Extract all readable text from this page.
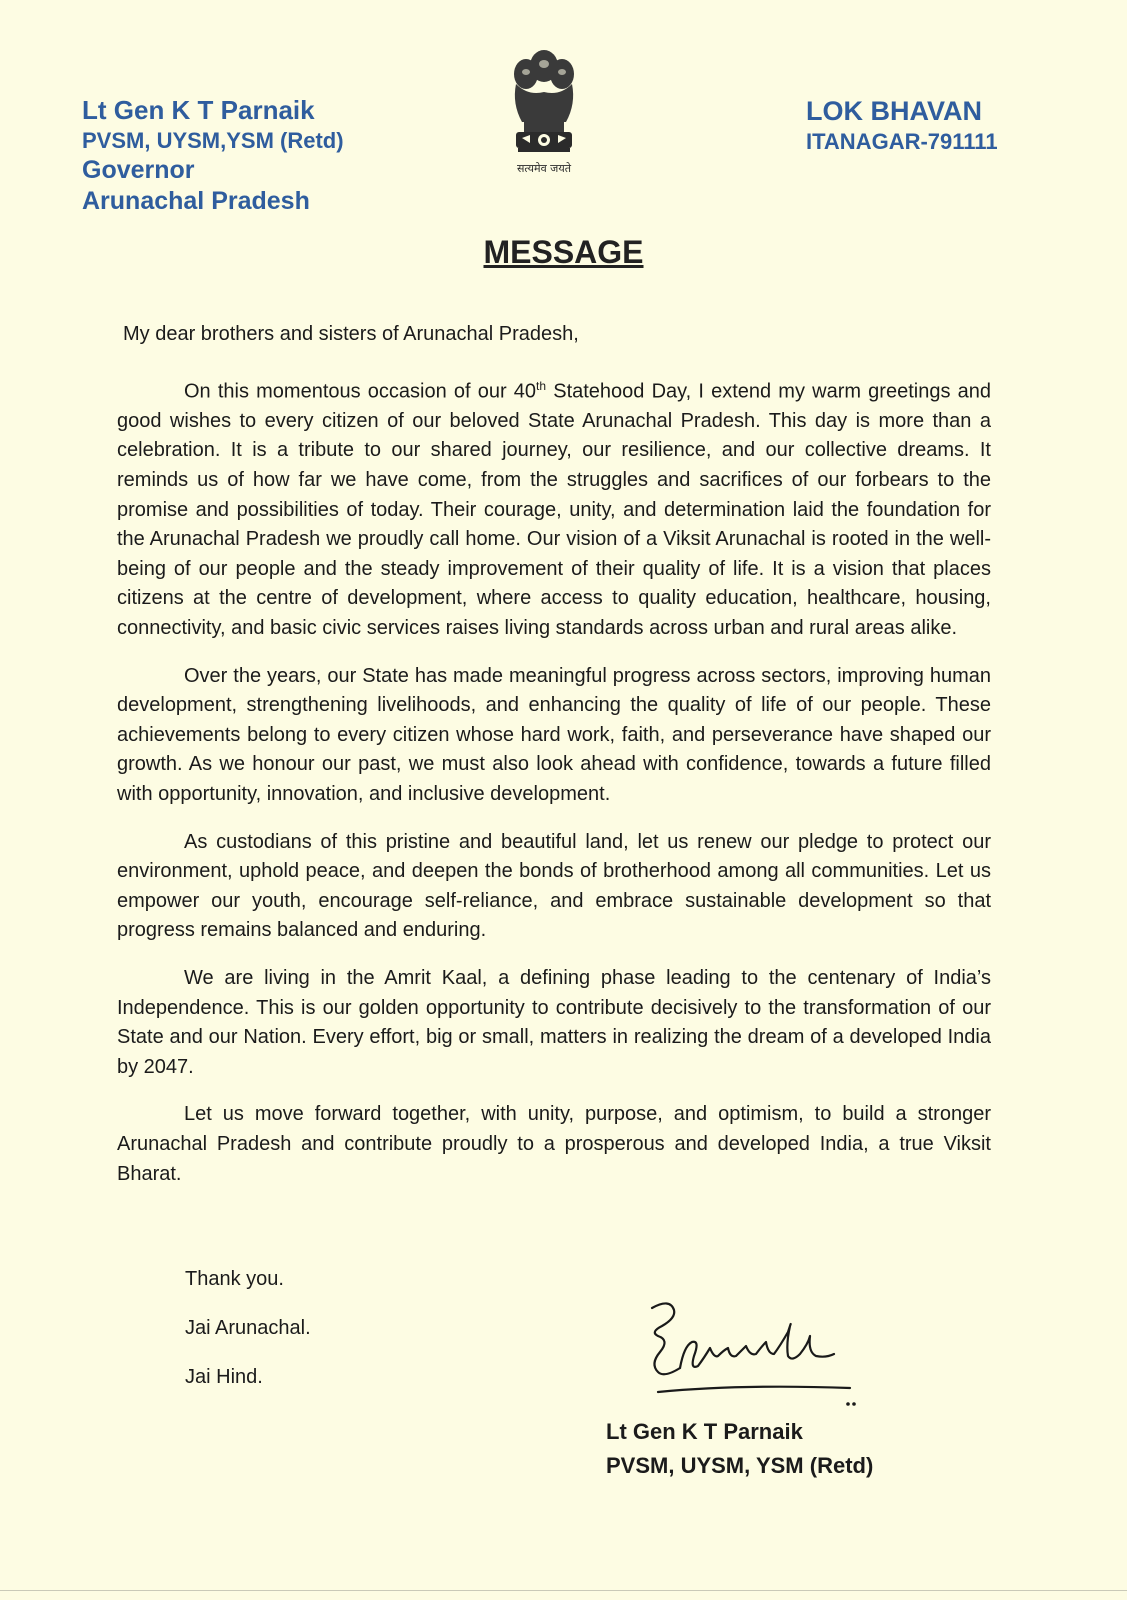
Lt Gen K T Parnaik
PVSM, UYSM,YSM (Retd)
Governor
Arunachal Pradesh
सत्यमेव जयते
LOK BHAVAN
ITANAGAR-791111
MESSAGE

My dear brothers and sisters of Arunachal Pradesh,

On this momentous occasion of our 40th Statehood Day, I extend my warm greetings and good wishes to every citizen of our beloved State Arunachal Pradesh. This day is more than a celebration. It is a tribute to our shared journey, our resilience, and our collective dreams. It reminds us of how far we have come, from the struggles and sacrifices of our forbears to the promise and possibilities of today. Their courage, unity, and determination laid the foundation for the Arunachal Pradesh we proudly call home. Our vision of a Viksit Arunachal is rooted in the well-being of our people and the steady improvement of their quality of life. It is a vision that places citizens at the centre of development, where access to quality education, healthcare, housing, connectivity, and basic civic services raises living standards across urban and rural areas alike.

Over the years, our State has made meaningful progress across sectors, improving human development, strengthening livelihoods, and enhancing the quality of life of our people. These achievements belong to every citizen whose hard work, faith, and perseverance have shaped our growth. As we honour our past, we must also look ahead with confidence, towards a future filled with opportunity, innovation, and inclusive development.

As custodians of this pristine and beautiful land, let us renew our pledge to protect our environment, uphold peace, and deepen the bonds of brotherhood among all communities. Let us empower our youth, encourage self-reliance, and embrace sustainable development so that progress remains balanced and enduring.

We are living in the Amrit Kaal, a defining phase leading to the centenary of India’s Independence. This is our golden opportunity to contribute decisively to the transformation of our State and our Nation. Every effort, big or small, matters in realizing the dream of a developed India by 2047.

Let us move forward together, with unity, purpose, and optimism, to build a stronger Arunachal Pradesh and contribute proudly to a prosperous and developed India, a true Viksit Bharat.

Thank you.
Jai Arunachal.
Jai Hind.
Lt Gen K T Parnaik
PVSM, UYSM, YSM (Retd)
